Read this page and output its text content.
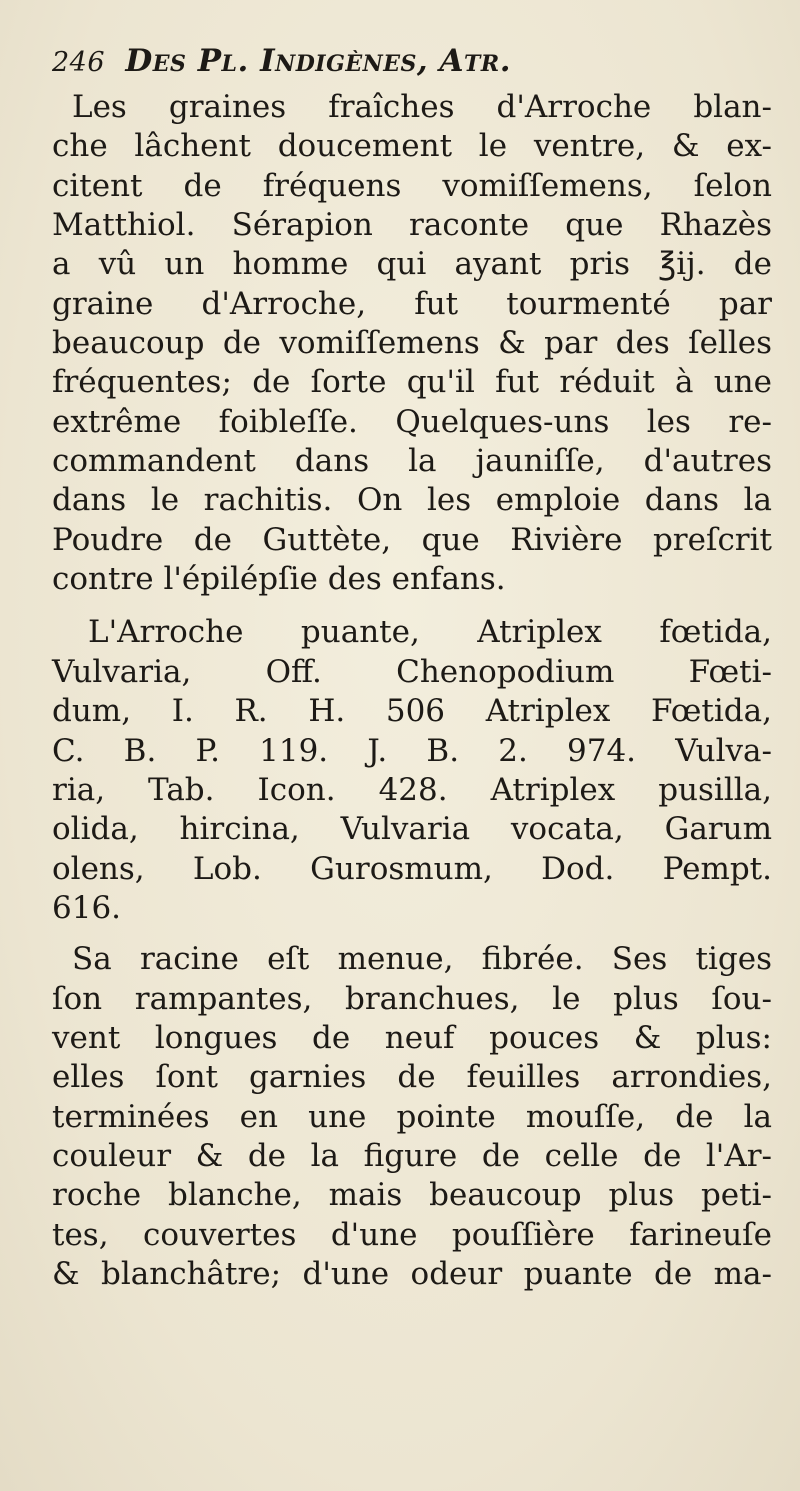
246 Des Pl. Indigènes, Atr.
Les graines fraîches d'Arroche blan-
che lâchent doucement le ventre, & ex-
citent de fréquens vomiſſemens, ſelon
Matthiol. Sérapion raconte que Rhazès
a vû un homme qui ayant pris ℥ij. de
graine d'Arroche, fut tourmenté par
beaucoup de vomiſſemens & par des ſelles
fréquentes; de ſorte qu'il fut réduit à une
extrême foibleſſe. Quelques-uns les re-
commandent dans la jauniſſe, d'autres
dans le rachitis. On les emploie dans la
Poudre de Guttète, que Rivière preſcrit
contre l'épilépſie des enfans.
L'Arroche puante, Atriplex fœtida,
Vulvaria, Off. Chenopodium Fœti-
dum, I. R. H. 506 Atriplex Fœtida,
C. B. P. 119. J. B. 2. 974. Vulva-
ria, Tab. Icon. 428. Atriplex pusilla,
olida, hircina, Vulvaria vocata, Garum
olens, Lob. Gurosmum, Dod. Pempt.
616.
Sa racine eſt menue, fibrée. Ses tiges
ſon rampantes, branchues, le plus ſou-
vent longues de neuf pouces & plus:
elles ſont garnies de feuilles arrondies,
terminées en une pointe mouſſe, de la
couleur & de la figure de celle de l'Ar-
roche blanche, mais beaucoup plus peti-
tes, couvertes d'une pouſſière farineuſe
& blanchâtre; d'une odeur puante de ma-
